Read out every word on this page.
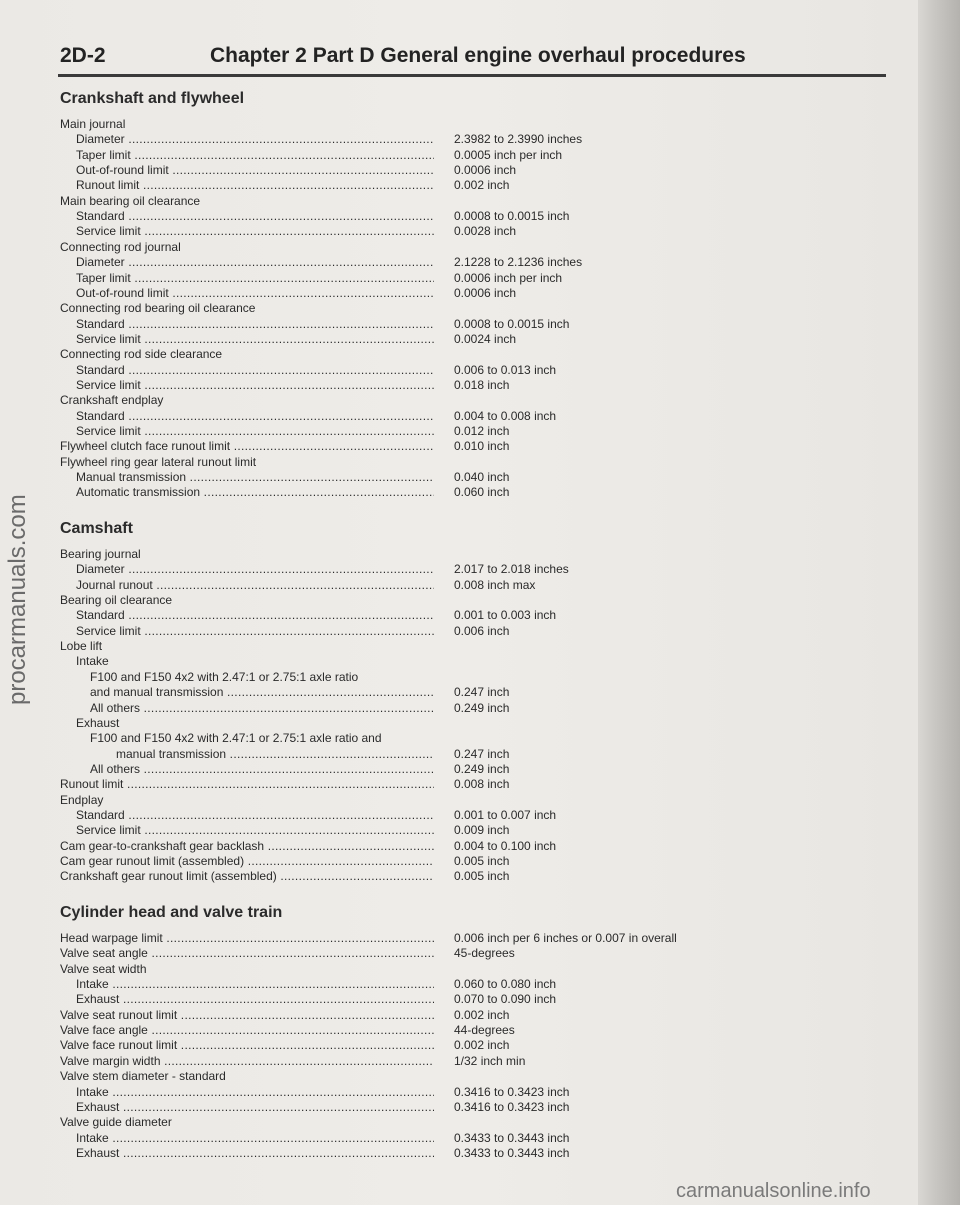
2D-2	Chapter 2 Part D General engine overhaul procedures
Crankshaft and flywheel
Main journal
Diameter .....	2.3982 to 2.3990 inches
Taper limit .....	0.0005 inch per inch
Out-of-round limit .....	0.0006 inch
Runout limit .....	0.002 inch
Main bearing oil clearance
Standard .....	0.0008 to 0.0015 inch
Service limit .....	0.0028 inch
Connecting rod journal
Diameter .....	2.1228 to 2.1236 inches
Taper limit .....	0.0006 inch per inch
Out-of-round limit .....	0.0006 inch
Connecting rod bearing oil clearance
Standard .....	0.0008 to 0.0015 inch
Service limit .....	0.0024 inch
Connecting rod side clearance
Standard .....	0.006 to 0.013 inch
Service limit .....	0.018 inch
Crankshaft endplay
Standard .....	0.004 to 0.008 inch
Service limit .....	0.012 inch
Flywheel clutch face runout limit .....	0.010 inch
Flywheel ring gear lateral runout limit
Manual transmission .....	0.040 inch
Automatic transmission .....	0.060 inch
Camshaft
Bearing journal
Diameter .....	2.017 to 2.018 inches
Journal runout .....	0.008 inch max
Bearing oil clearance
Standard .....	0.001 to 0.003 inch
Service limit .....	0.006 inch
Lobe lift
Intake
F100 and F150 4x2 with 2.47:1 or 2.75:1 axle ratio
and manual transmission .....	0.247 inch
All others .....	0.249 inch
Exhaust
F100 and F150 4x2 with 2.47:1 or 2.75:1 axle ratio and
manual transmission .....	0.247 inch
All others .....	0.249 inch
Runout limit .....	0.008 inch
Endplay
Standard .....	0.001 to 0.007 inch
Service limit .....	0.009 inch
Cam gear-to-crankshaft gear backlash .....	0.004 to 0.100 inch
Cam gear runout limit (assembled) .....	0.005 inch
Crankshaft gear runout limit (assembled) .....	0.005 inch
Cylinder head and valve train
Head warpage limit .....	0.006 inch per 6 inches or 0.007 in overall
Valve seat angle .....	45-degrees
Valve seat width
Intake .....	0.060 to 0.080 inch
Exhaust .....	0.070 to 0.090 inch
Valve seat runout limit .....	0.002 inch
Valve face angle .....	44-degrees
Valve face runout limit .....	0.002 inch
Valve margin width .....	1/32 inch min
Valve stem diameter - standard
Intake .....	0.3416 to 0.3423 inch
Exhaust .....	0.3416 to 0.3423 inch
Valve guide diameter
Intake .....	0.3433 to 0.3443 inch
Exhaust .....	0.3433 to 0.3443 inch
carmanualsonline.info
